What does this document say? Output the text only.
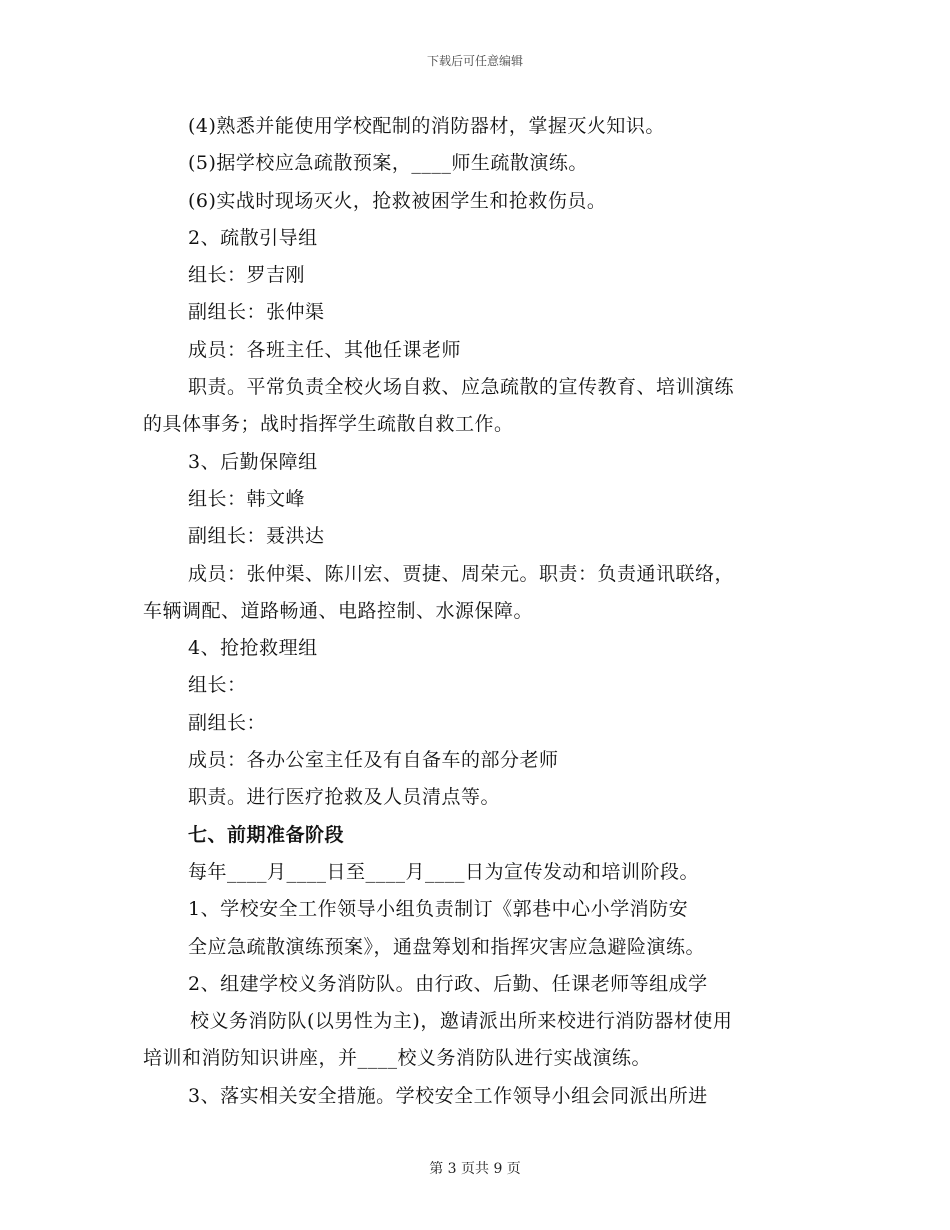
下载后可任意编辑
(4)熟悉并能使用学校配制的消防器材，掌握灭火知识。
(5)据学校应急疏散预案，____师生疏散演练。
(6)实战时现场灭火，抢救被困学生和抢救伤员。
2、疏散引导组
组长：罗吉刚
副组长：张仲渠
成员：各班主任、其他任课老师
职责。平常负责全校火场自救、应急疏散的宣传教育、培训演练
的具体事务；战时指挥学生疏散自救工作。
3、后勤保障组
组长：韩文峰
副组长：聂洪达
成员：张仲渠、陈川宏、贾捷、周荣元。职责：负责通讯联络，
车辆调配、道路畅通、电路控制、水源保障。
4、抢抢救理组
组长：
副组长：
成员：各办公室主任及有自备车的部分老师
职责。进行医疗抢救及人员清点等。
七、前期准备阶段
每年____月____日至____月____日为宣传发动和培训阶段。
1、学校安全工作领导小组负责制订《郭巷中心小学消防安
全应急疏散演练预案》，通盘筹划和指挥灾害应急避险演练。
2、组建学校义务消防队。由行政、后勤、任课老师等组成学
校义务消防队(以男性为主)，邀请派出所来校进行消防器材使用
培训和消防知识讲座，并____校义务消防队进行实战演练。
3、落实相关安全措施。学校安全工作领导小组会同派出所进
第 3 页共 9 页
